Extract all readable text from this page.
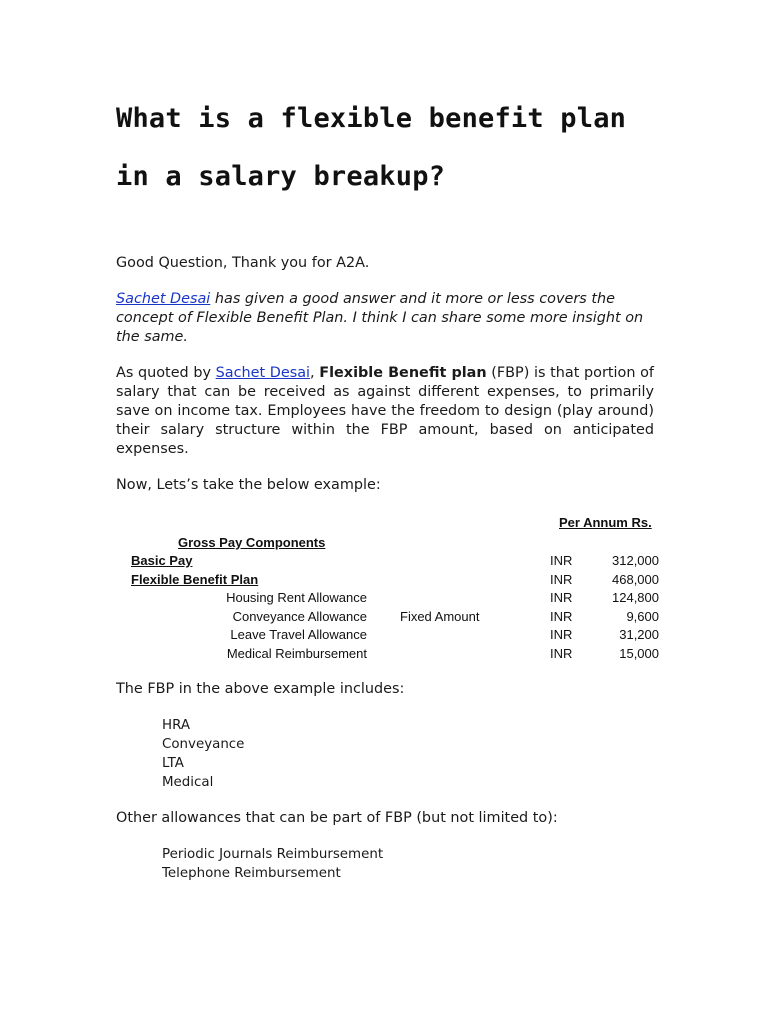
What is a flexible benefit plan
in a salary breakup?

Good Question, Thank you for A2A.

Sachet Desai has given a good answer and it more or less covers the concept of Flexible Benefit Plan. I think I can share some more insight on the same.

As quoted by Sachet Desai, Flexible Benefit plan (FBP) is that portion of salary that can be received as against different expenses, to primarily save on income tax. Employees have the freedom to design (play around) their salary structure within the FBP amount, based on anticipated expenses.

Now, Lets’s take the below example:

Per Annum Rs.
Gross Pay Components
Basic Pay	INR	312,000
Flexible Benefit Plan	INR	468,000
Housing Rent Allowance	INR	124,800
Conveyance Allowance	Fixed Amount	INR	9,600
Leave Travel Allowance	INR	31,200
Medical Reimbursement	INR	15,000

The FBP in the above example includes:

HRA
Conveyance
LTA
Medical

Other allowances that can be part of FBP (but not limited to):

Periodic Journals Reimbursement
Telephone Reimbursement
